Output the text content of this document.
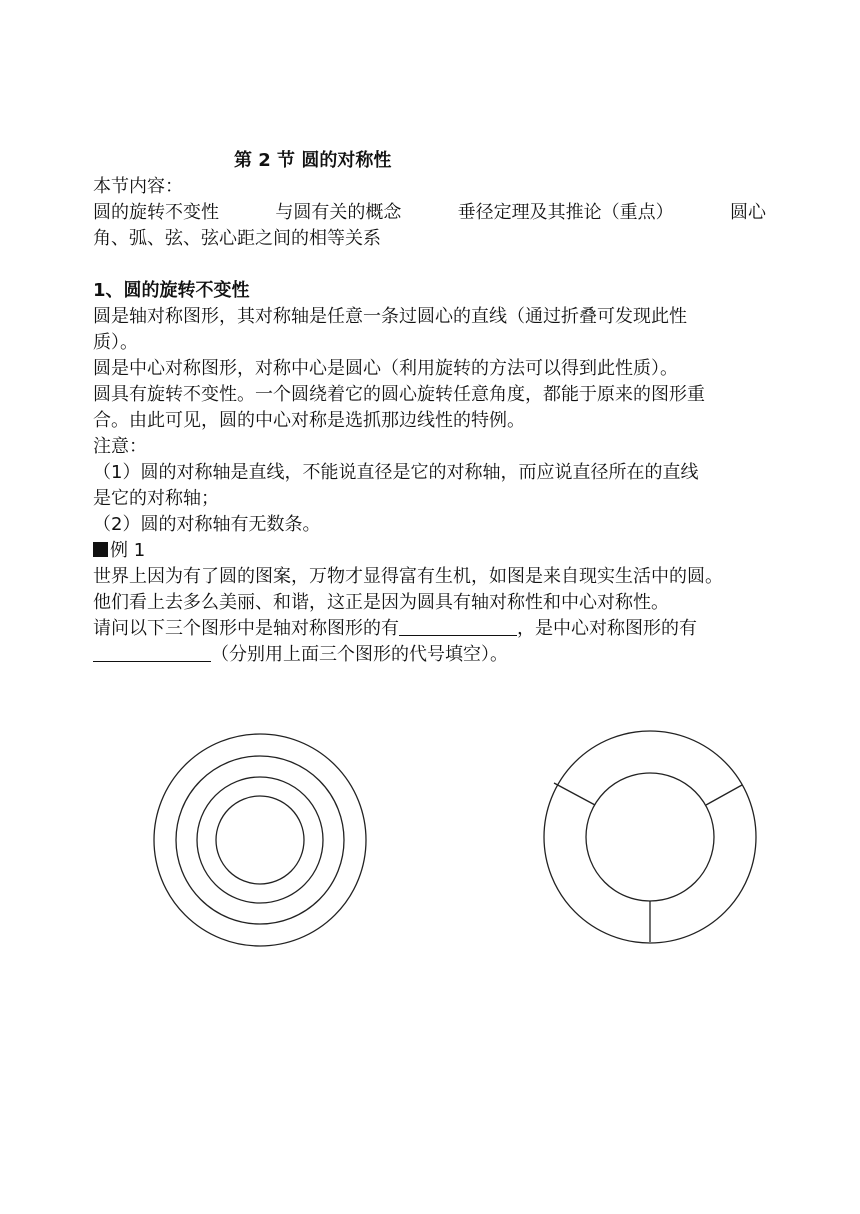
第 2 节 圆的对称性
本节内容：
圆的旋转不变性	与圆有关的概念	垂径定理及其推论（重点）	圆心
角、弧、弦、弦心距之间的相等关系
1、圆的旋转不变性
圆是轴对称图形，其对称轴是任意一条过圆心的直线（通过折叠可发现此性
质）。
圆是中心对称图形，对称中心是圆心（利用旋转的方法可以得到此性质）。
圆具有旋转不变性。一个圆绕着它的圆心旋转任意角度，都能于原来的图形重
合。由此可见，圆的中心对称是选抓那边线性的特例。
注意：
（1）圆的对称轴是直线，不能说直径是它的对称轴，而应说直径所在的直线
是它的对称轴；
（2）圆的对称轴有无数条。
例 1
世界上因为有了圆的图案，万物才显得富有生机，如图是来自现实生活中的圆。
他们看上去多么美丽、和谐，这正是因为圆具有轴对称性和中心对称性。
请问以下三个图形中是轴对称图形的有	，是中心对称图形的有
（分别用上面三个图形的代号填空）。
